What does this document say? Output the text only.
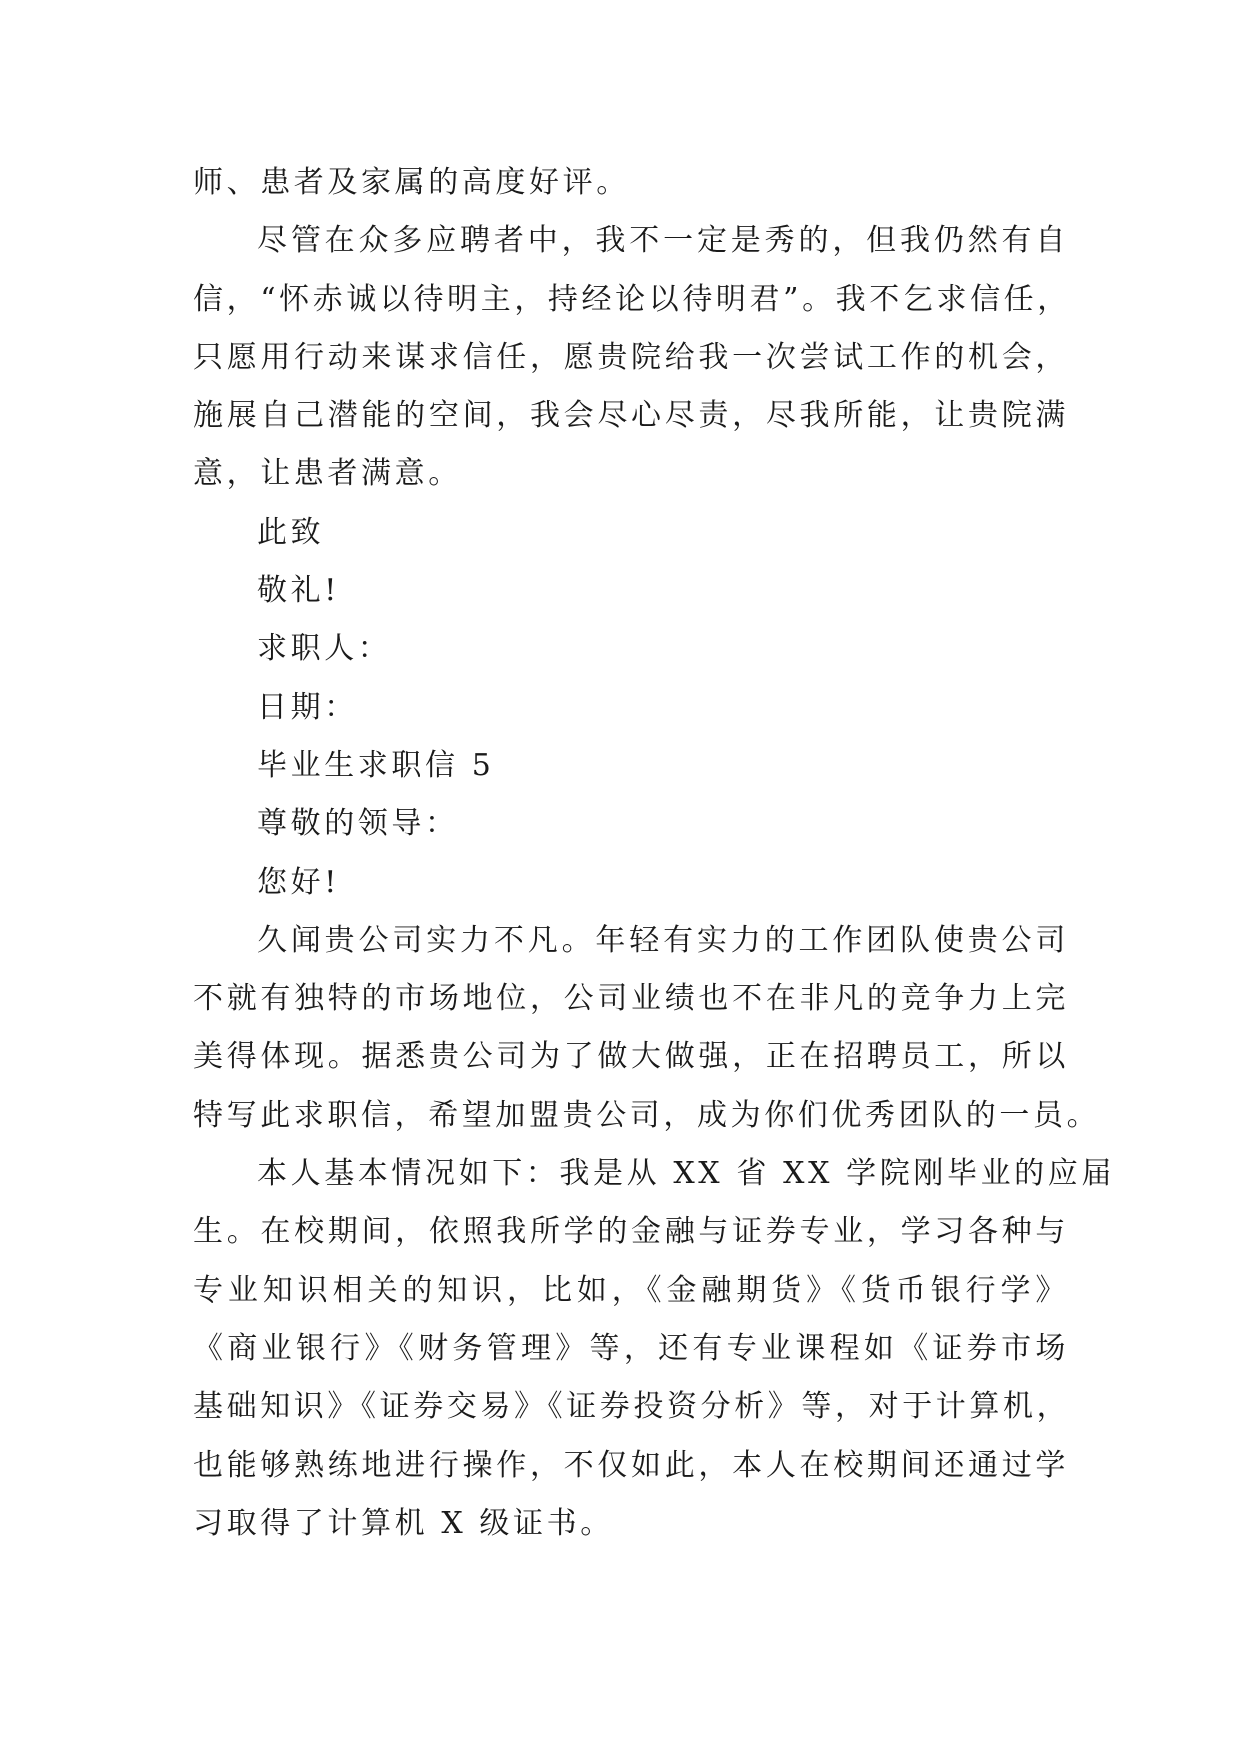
师、患者及家属的高度好评。
尽管在众多应聘者中，我不一定是秀的，但我仍然有自
信，“怀赤诚以待明主，持经论以待明君”。我不乞求信任，
只愿用行动来谋求信任，愿贵院给我一次尝试工作的机会，
施展自己潜能的空间，我会尽心尽责，尽我所能，让贵院满
意，让患者满意。
此致
敬礼!
求职人：
日期：
毕业生求职信 5
尊敬的领导：
您好!
久闻贵公司实力不凡。年轻有实力的工作团队使贵公司
不就有独特的市场地位，公司业绩也不在非凡的竞争力上完
美得体现。据悉贵公司为了做大做强，正在招聘员工，所以
特写此求职信，希望加盟贵公司，成为你们优秀团队的一员。
本人基本情况如下：我是从 XX 省 XX 学院刚毕业的应届
生。在校期间，依照我所学的金融与证券专业，学习各种与
专业知识相关的知识，比如，《金融期货》《货币银行学》
《商业银行》《财务管理》等，还有专业课程如《证券市场
基础知识》《证券交易》《证券投资分析》等，对于计算机，
也能够熟练地进行操作，不仅如此，本人在校期间还通过学
习取得了计算机 X 级证书。
